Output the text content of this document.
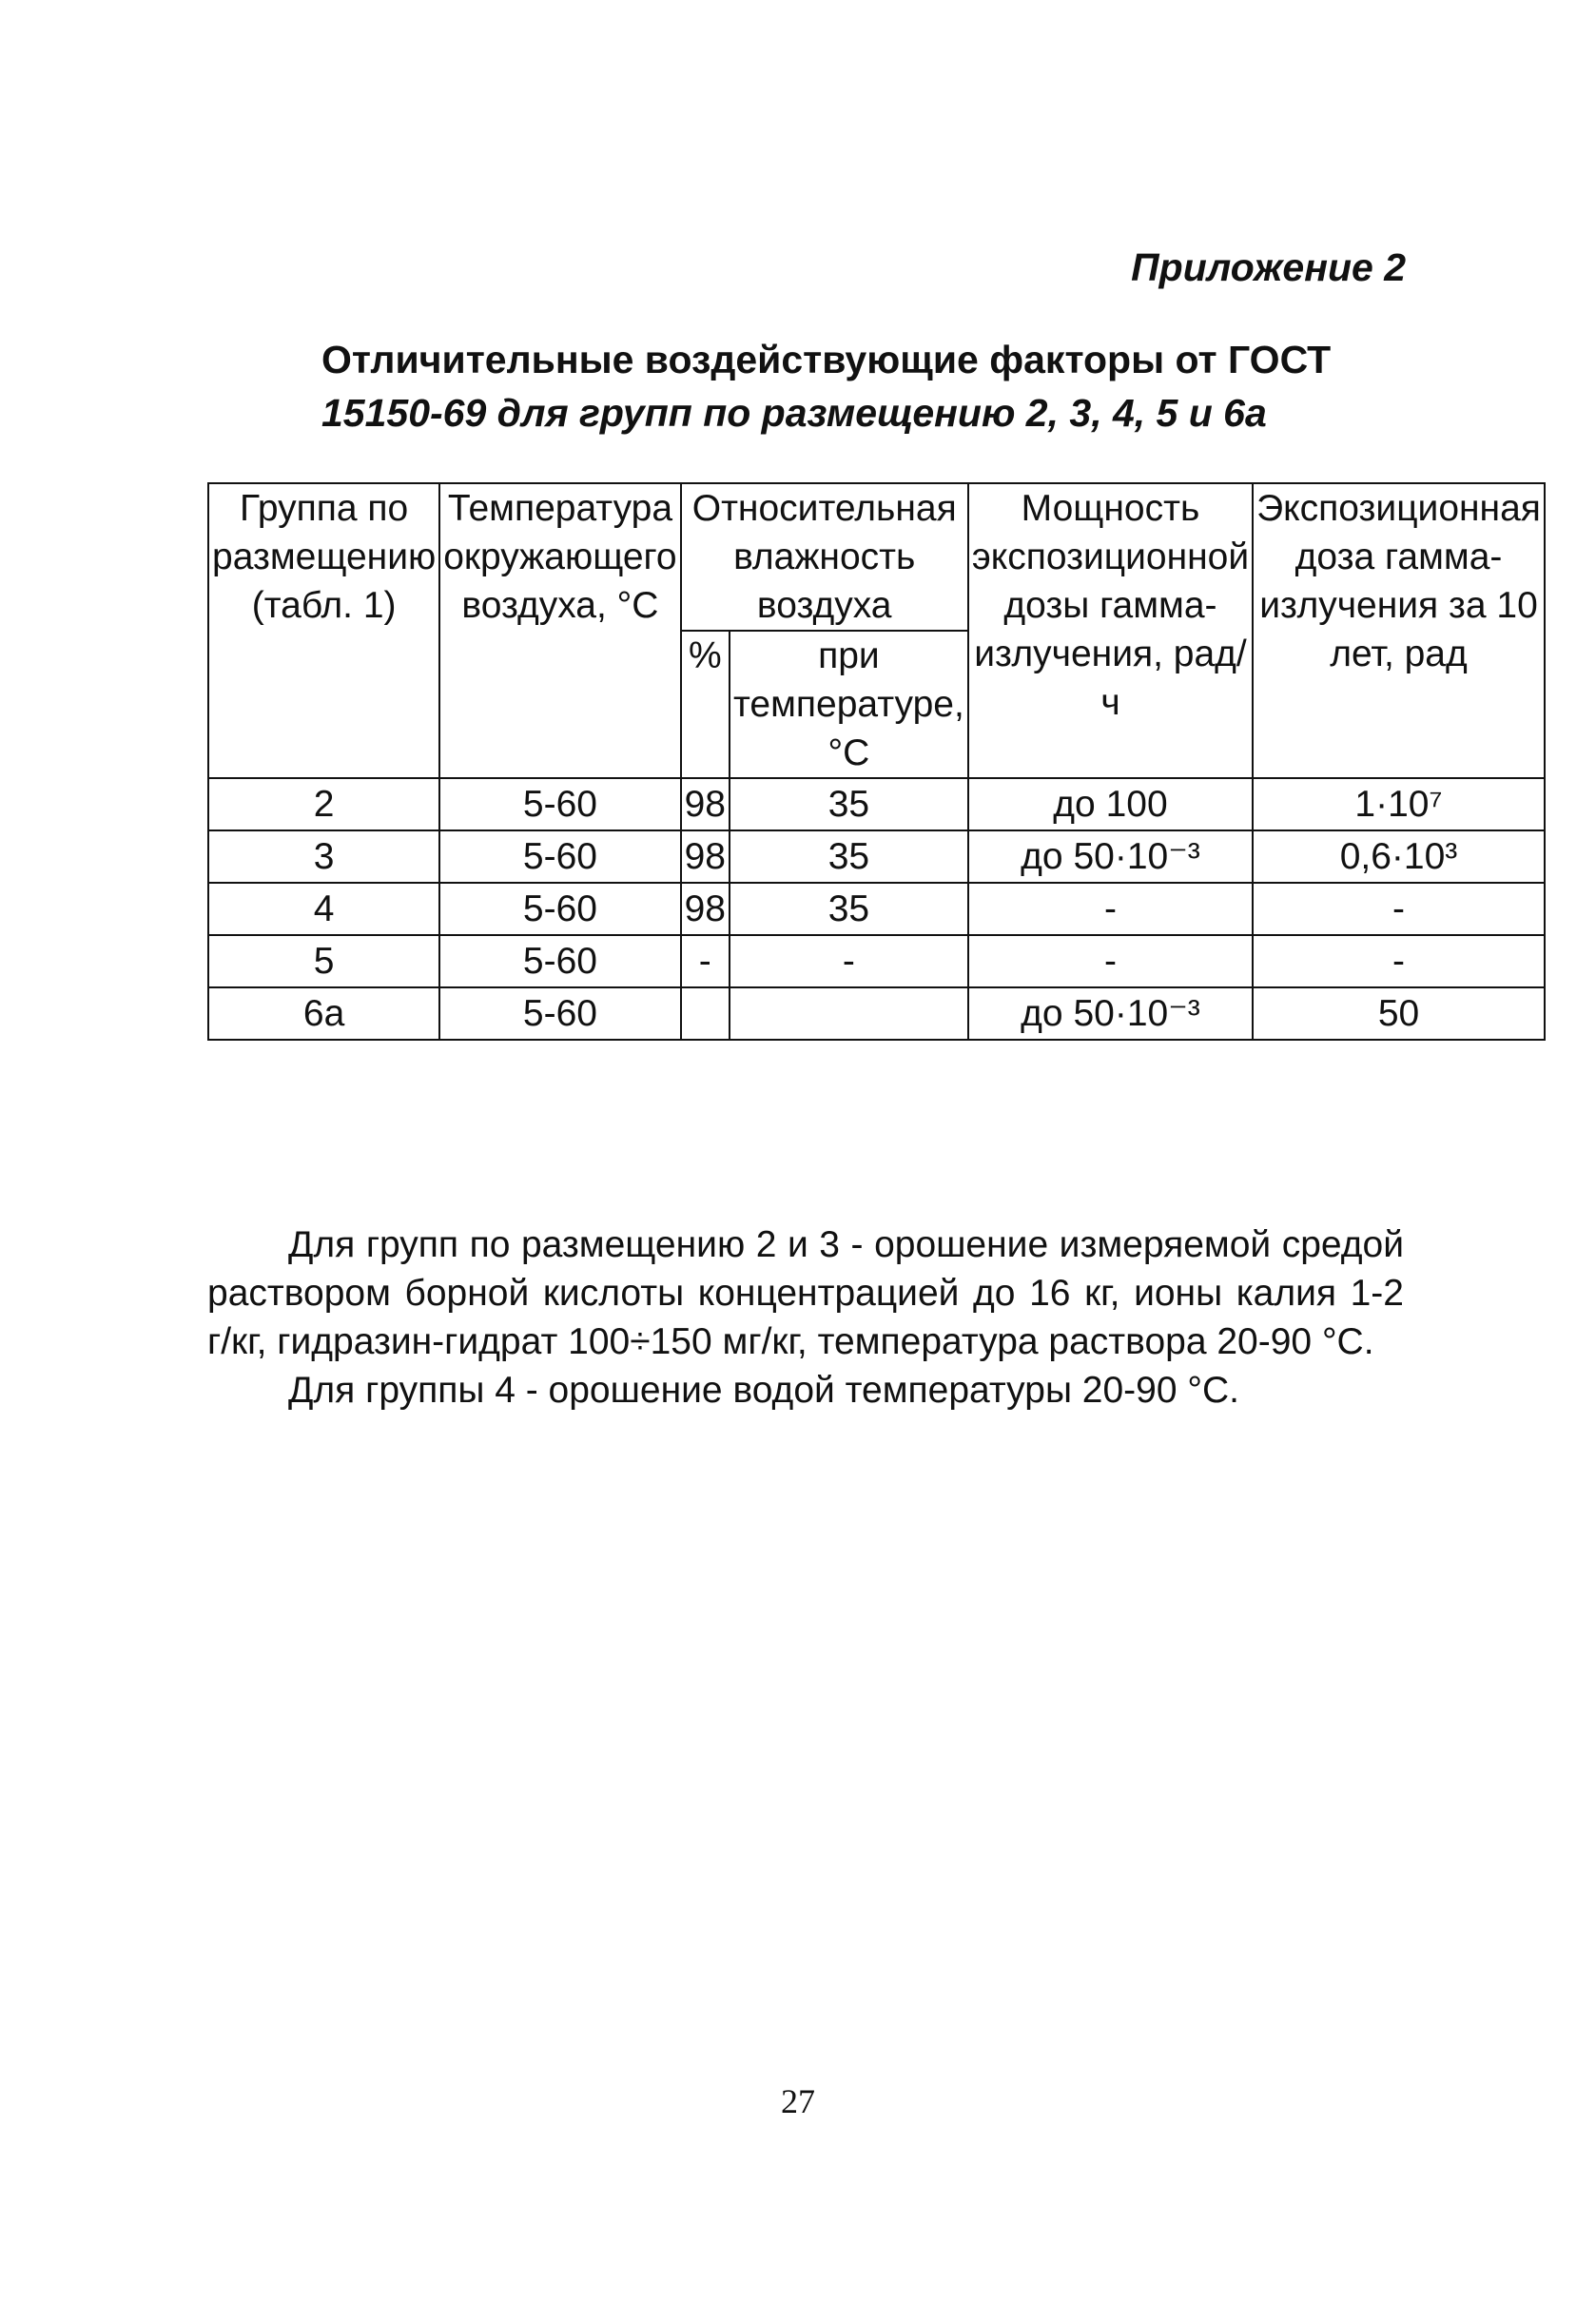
Приложение 2
Отличительные воздействующие факторы от ГОСТ
15150-69 для групп по размещению 2, 3, 4, 5 и 6а
Группа по размещению (табл. 1)	Температура окружающего воздуха, °С	Относительная влажность воздуха		Мощность экспозиционной дозы гамма-излучения, рад/ч	Экспозиционная доза гамма-излучения за 10 лет, рад
		%	при температуре, °С		
2	5-60	98	35	до 100	1·10⁷
3	5-60	98	35	до 50·10⁻³	0,6·10³
4	5-60	98	35	-	-
5	5-60	-	-	-	-
6а	5-60			до 50·10⁻³	50

Для групп по размещению 2 и 3 - орошение измеряемой средой раствором борной кислоты концентрацией до 16 кг, ионы калия 1-2 г/кг, гидразин-гидрат 100÷150 мг/кг, температура раствора 20-90 °С.

Для группы 4 - орошение водой температуры 20-90 °С.

27
